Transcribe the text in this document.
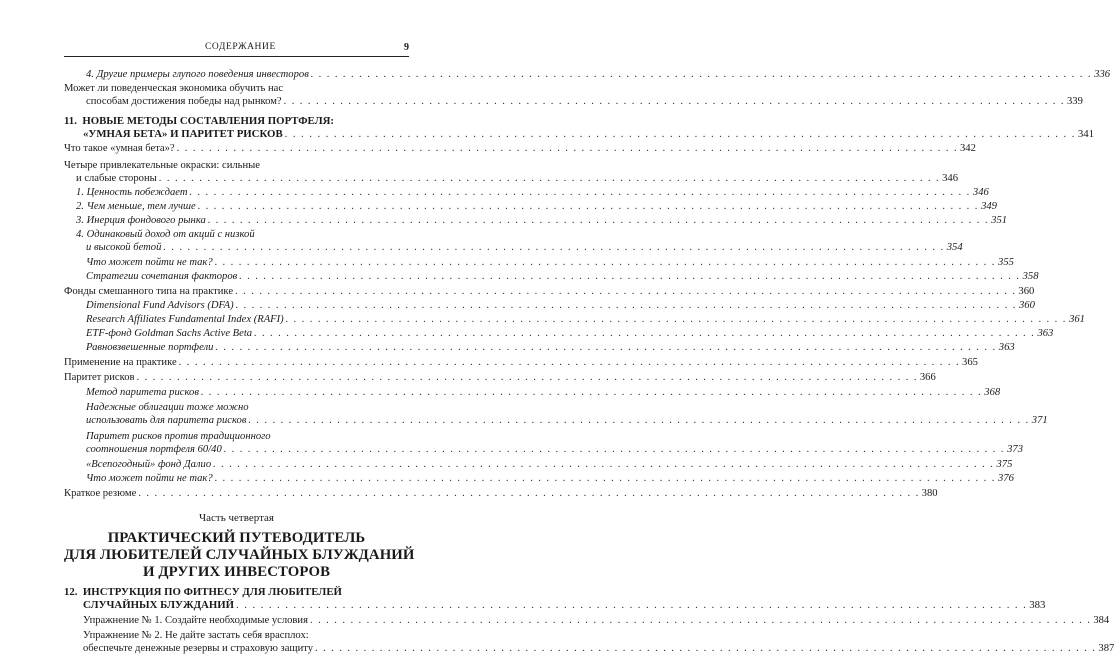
СОДЕРЖАНИЕ	9
4. Другие примеры глупого поведения инвесторов . . .	336
Может ли поведенческая экономика обучить нас
способам достижения победы над рынком? . . .	339
11. НОВЫЕ МЕТОДЫ СОСТАВЛЕНИЯ ПОРТФЕЛЯ:
«УМНАЯ БЕТА» И ПАРИТЕТ РИСКОВ . . .	341
Что такое «умная бета»? . . .	342
Четыре привлекательные окраски: сильные
и слабые стороны . . .	346
1. Ценность побеждает . . .	346
2. Чем меньше, тем лучше . . .	349
3. Инерция фондового рынка . . .	351
4. Одинаковый доход от акций с низкой
и высокой бетой . . .	354
Что может пойти не так? . . .	355
Стратегии сочетания факторов . . .	358
Фонды смешанного типа на практике . . .	360
Dimensional Fund Advisors (DFA) . . .	360
Research Affiliates Fundamental Index (RAFI) . . .	361
ETF-фонд Goldman Sachs Active Beta . . .	363
Равновзвешенные портфели . . .	363
Применение на практике . . .	365
Паритет рисков . . .	366
Метод паритета рисков . . .	368
Надежные облигации тоже можно
использовать для паритета рисков . . .	371
Паритет рисков против традиционного
соотношения портфеля 60/40 . . .	373
«Всепогодный» фонд Далио . . .	375
Что может пойти не так? . . .	376
Краткое резюме . . .	380
Часть четвертая
ПРАКТИЧЕСКИЙ ПУТЕВОДИТЕЛЬ
ДЛЯ ЛЮБИТЕЛЕЙ СЛУЧАЙНЫХ БЛУЖДАНИЙ
И ДРУГИХ ИНВЕСТОРОВ
12. ИНСТРУКЦИЯ ПО ФИТНЕСУ ДЛЯ ЛЮБИТЕЛЕЙ
СЛУЧАЙНЫХ БЛУЖДАНИЙ . . .	383
Упражнение № 1. Создайте необходимые условия . . .	384
Упражнение № 2. Не дайте застать себя врасплох:
обеспечьте денежные резервы и страховую защиту . . .	387
